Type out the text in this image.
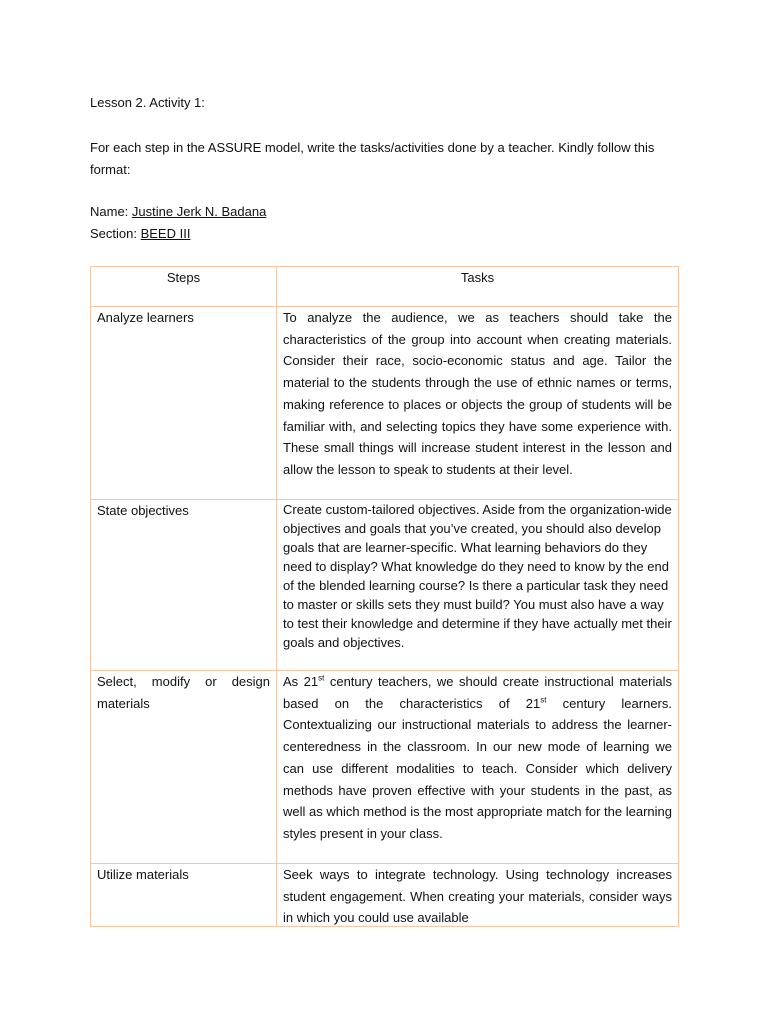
Lesson 2. Activity 1:
For each step in the ASSURE model, write the tasks/activities done by a teacher. Kindly follow this format:
Name: Justine Jerk N. Badana
Section: BEED III
Steps	Tasks
Analyze learners	To analyze the audience, we as teachers should take the characteristics of the group into account when creating materials. Consider their race, socio-economic status and age. Tailor the material to the students through the use of ethnic names or terms, making reference to places or objects the group of students will be familiar with, and selecting topics they have some experience with. These small things will increase student interest in the lesson and allow the lesson to speak to students at their level.
State objectives	Create custom-tailored objectives. Aside from the organization-wide objectives and goals that you’ve created, you should also develop goals that are learner-specific. What learning behaviors do they need to display? What knowledge do they need to know by the end of the blended learning course? Is there a particular task they need to master or skills sets they must build? You must also have a way to test their knowledge and determine if they have actually met their goals and objectives.
Select, modify or design materials	As 21st century teachers, we should create instructional materials based on the characteristics of 21st century learners. Contextualizing our instructional materials to address the learner-centeredness in the classroom. In our new mode of learning we can use different modalities to teach. Consider which delivery methods have proven effective with your students in the past, as well as which method is the most appropriate match for the learning styles present in your class.
Utilize materials	Seek ways to integrate technology. Using technology increases student engagement. When creating your materials, consider ways in which you could use available
